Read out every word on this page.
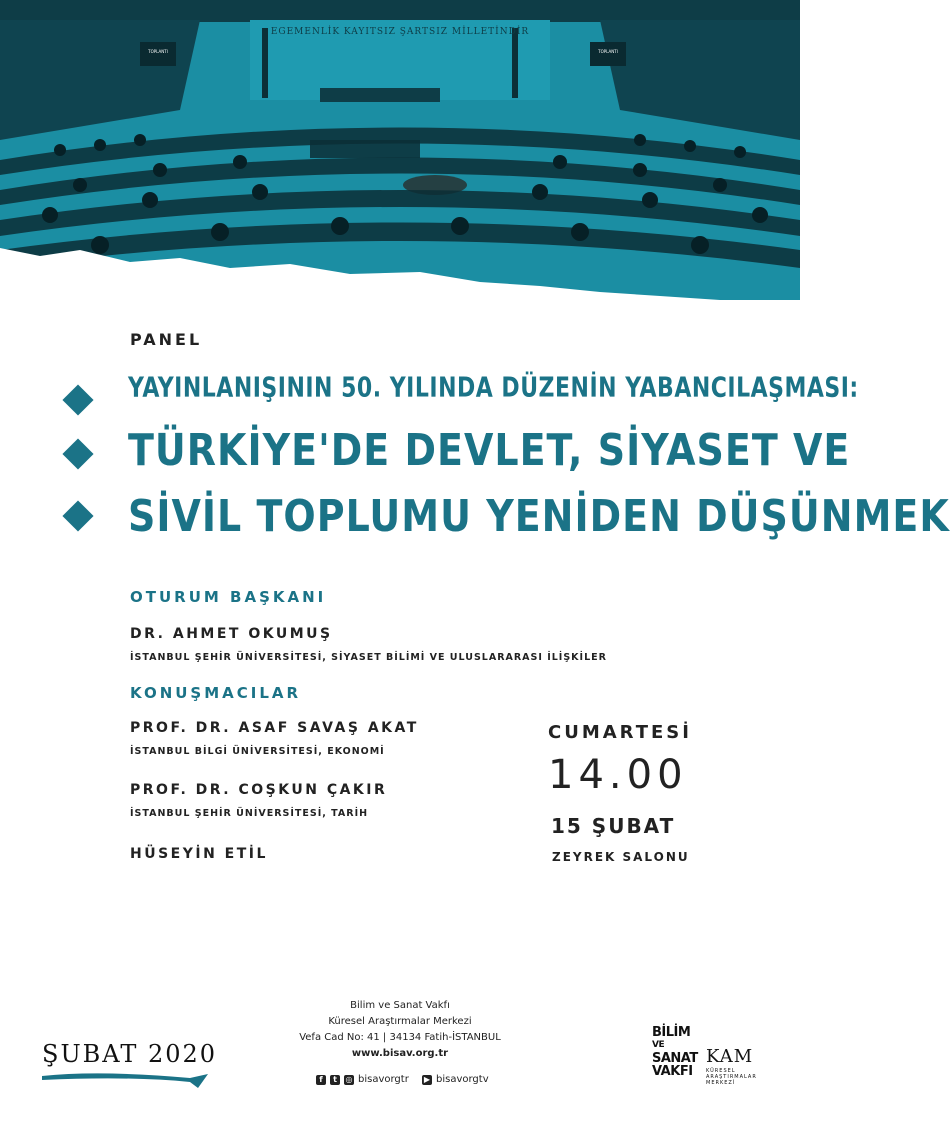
TOPLANTI	TOPLANTI
EGEMENLİK KAYITSIZ ŞARTSIZ MİLLETİNDİR
PANEL
YAYINLANIŞININ 50. YILINDA DÜZENİN YABANCILAŞMASI:
TÜRKİYE'DE DEVLET, SİYASET VE
SİVİL TOPLUMU YENİDEN DÜŞÜNMEK
OTURUM BAŞKANI
DR. AHMET OKUMUŞ
İSTANBUL ŞEHİR ÜNİVERSİTESİ, SİYASET BİLİMİ VE ULUSLARARASI İLİŞKİLER
KONUŞMACILAR
PROF. DR. ASAF SAVAŞ AKAT
İSTANBUL BİLGİ ÜNİVERSİTESİ, EKONOMİ
PROF. DR. COŞKUN ÇAKIR
İSTANBUL ŞEHİR ÜNİVERSİTESİ, TARİH
HÜSEYİN ETİL
CUMARTESİ
14.00
15 ŞUBAT
ZEYREK SALONU
Bilim ve Sanat Vakfı
Küresel Araştırmalar Merkezi
Vefa Cad No: 41 | 34134 Fatih-İSTANBUL
www.bisav.org.tr
f	t	◎ bisavorgtr ▶ bisavorgtv
ŞUBAT 2020
BİLİM
VE
SANAT
VAKFI
KAM
KÜRESEL ARAŞTIRMALAR MERKEZİ
